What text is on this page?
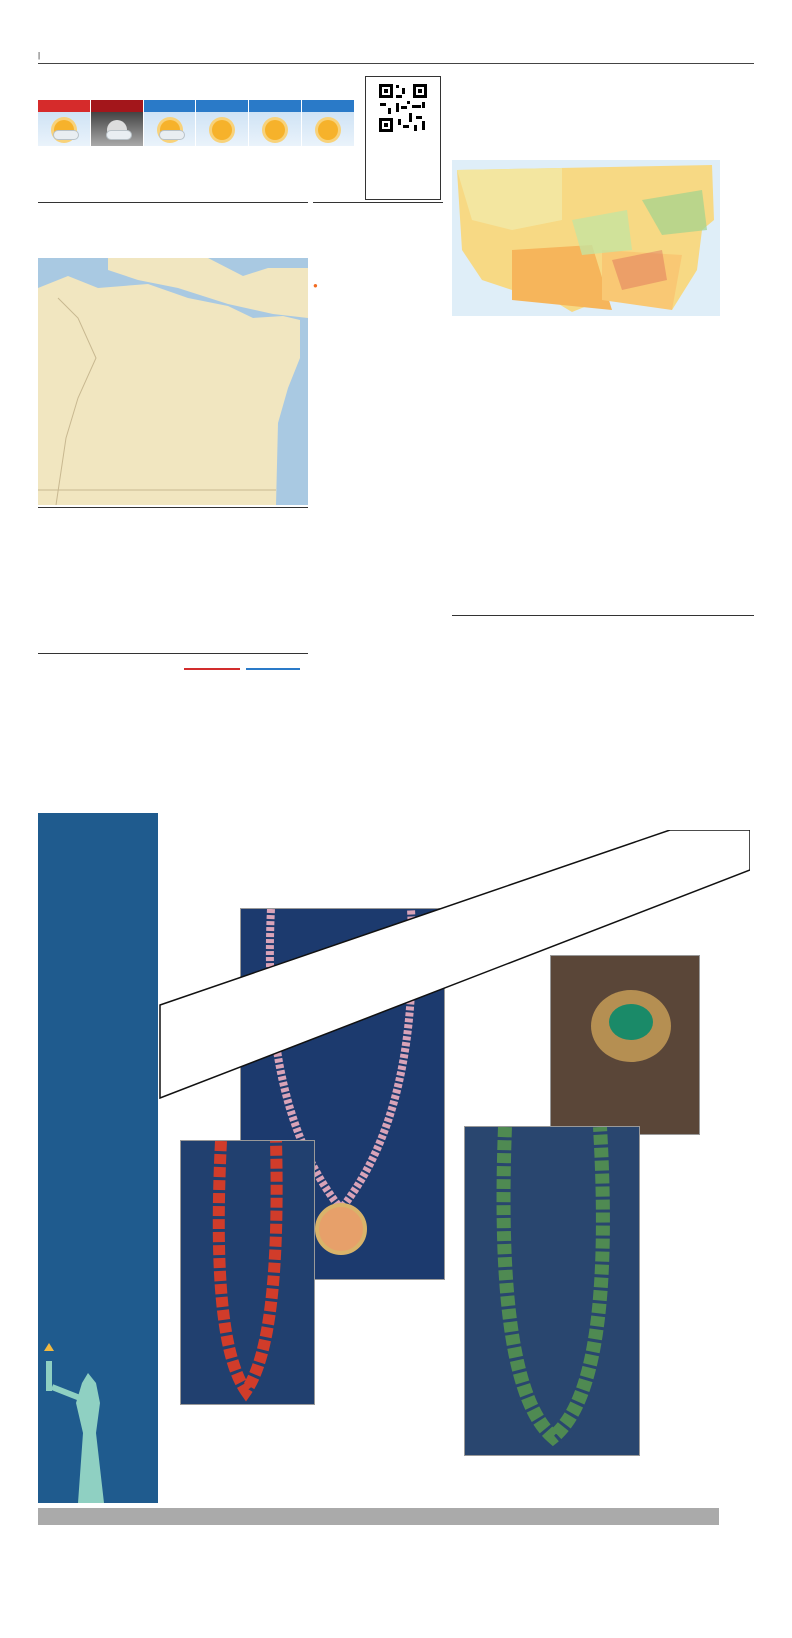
|

●
